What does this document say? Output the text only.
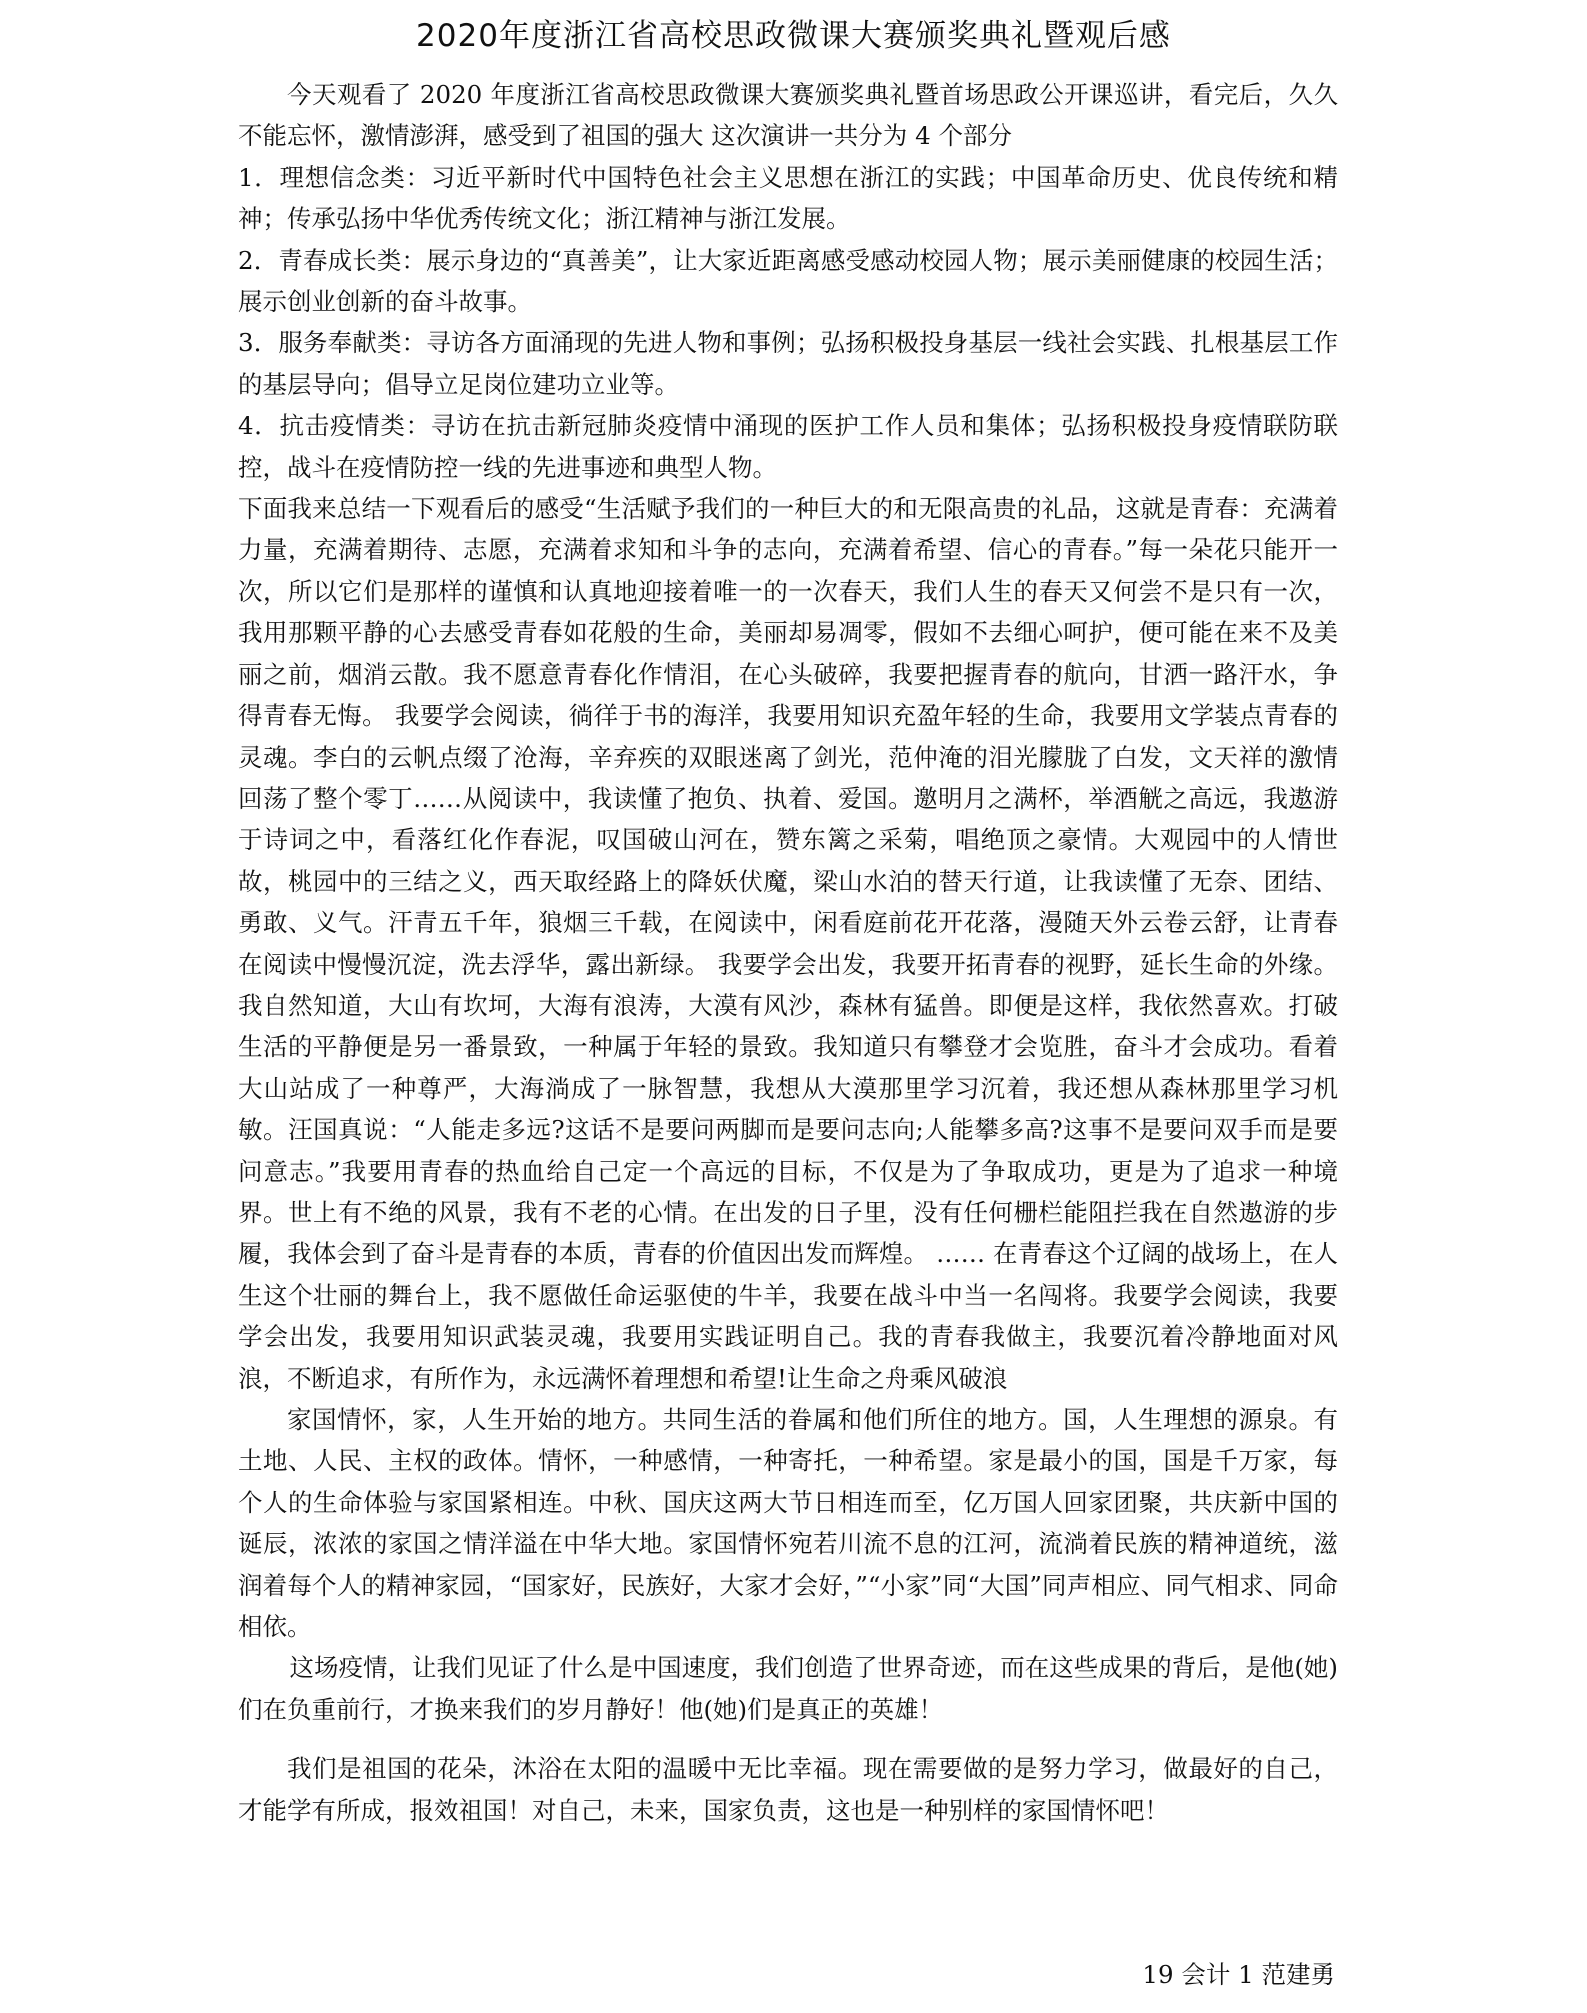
2020年度浙江省高校思政微课大赛颁奖典礼暨观后感

今天观看了 2020 年度浙江省高校思政微课大赛颁奖典礼暨首场思政公开课巡讲，看完后，久久不能忘怀，激情澎湃，感受到了祖国的强大 这次演讲一共分为 4 个部分

1．理想信念类：习近平新时代中国特色社会主义思想在浙江的实践；中国革命历史、优良传统和精神；传承弘扬中华优秀传统文化；浙江精神与浙江发展。

2．青春成长类：展示身边的“真善美”，让大家近距离感受感动校园人物；展示美丽健康的校园生活；展示创业创新的奋斗故事。

3．服务奉献类：寻访各方面涌现的先进人物和事例；弘扬积极投身基层一线社会实践、扎根基层工作的基层导向；倡导立足岗位建功立业等。

4．抗击疫情类：寻访在抗击新冠肺炎疫情中涌现的医护工作人员和集体；弘扬积极投身疫情联防联控，战斗在疫情防控一线的先进事迹和典型人物。

下面我来总结一下观看后的感受“生活赋予我们的一种巨大的和无限高贵的礼品，这就是青春：充满着力量，充满着期待、志愿，充满着求知和斗争的志向，充满着希望、信心的青春。”每一朵花只能开一次，所以它们是那样的谨慎和认真地迎接着唯一的一次春天，我们人生的春天又何尝不是只有一次，我用那颗平静的心去感受青春如花般的生命，美丽却易凋零，假如不去细心呵护，便可能在来不及美丽之前，烟消云散。我不愿意青春化作情泪，在心头破碎，我要把握青春的航向，甘洒一路汗水，争得青春无悔。 我要学会阅读，徜徉于书的海洋，我要用知识充盈年轻的生命，我要用文学装点青春的灵魂。李白的云帆点缀了沧海，辛弃疾的双眼迷离了剑光，范仲淹的泪光朦胧了白发，文天祥的激情回荡了整个零丁……从阅读中，我读懂了抱负、执着、爱国。邀明月之满杯，举酒觥之高远，我遨游于诗词之中，看落红化作春泥，叹国破山河在，赞东篱之采菊，唱绝顶之豪情。大观园中的人情世故，桃园中的三结之义，西天取经路上的降妖伏魔，梁山水泊的替天行道，让我读懂了无奈、团结、勇敢、义气。汗青五千年，狼烟三千载，在阅读中，闲看庭前花开花落，漫随天外云卷云舒，让青春在阅读中慢慢沉淀，洗去浮华，露出新绿。 我要学会出发，我要开拓青春的视野，延长生命的外缘。我自然知道，大山有坎坷，大海有浪涛，大漠有风沙，森林有猛兽。即便是这样，我依然喜欢。打破生活的平静便是另一番景致，一种属于年轻的景致。我知道只有攀登才会览胜，奋斗才会成功。看着大山站成了一种尊严，大海淌成了一脉智慧，我想从大漠那里学习沉着，我还想从森林那里学习机敏。汪国真说：“人能走多远?这话不是要问两脚而是要问志向;人能攀多高?这事不是要问双手而是要问意志。”我要用青春的热血给自己定一个高远的目标，不仅是为了争取成功，更是为了追求一种境界。世上有不绝的风景，我有不老的心情。在出发的日子里，没有任何栅栏能阻拦我在自然遨游的步履，我体会到了奋斗是青春的本质，青春的价值因出发而辉煌。 …… 在青春这个辽阔的战场上，在人生这个壮丽的舞台上，我不愿做任命运驱使的牛羊，我要在战斗中当一名闯将。我要学会阅读，我要学会出发，我要用知识武装灵魂，我要用实践证明自己。我的青春我做主，我要沉着冷静地面对风浪，不断追求，有所作为，永远满怀着理想和希望!让生命之舟乘风破浪

家国情怀，家，人生开始的地方。共同生活的眷属和他们所住的地方。国，人生理想的源泉。有土地、人民、主权的政体。情怀，一种感情，一种寄托，一种希望。家是最小的国，国是千万家，每个人的生命体验与家国紧相连。中秋、国庆这两大节日相连而至，亿万国人回家团聚，共庆新中国的诞辰，浓浓的家国之情洋溢在中华大地。家国情怀宛若川流不息的江河，流淌着民族的精神道统，滋润着每个人的精神家园，“国家好，民族好，大家才会好，”“小家”同“大国”同声相应、同气相求、同命相依。

这场疫情，让我们见证了什么是中国速度，我们创造了世界奇迹，而在这些成果的背后，是他(她)们在负重前行，才换来我们的岁月静好！他(她)们是真正的英雄！

我们是祖国的花朵，沐浴在太阳的温暖中无比幸福。现在需要做的是努力学习，做最好的自己，才能学有所成，报效祖国！对自己，未来，国家负责，这也是一种别样的家国情怀吧！

19 会计 1 范建勇
